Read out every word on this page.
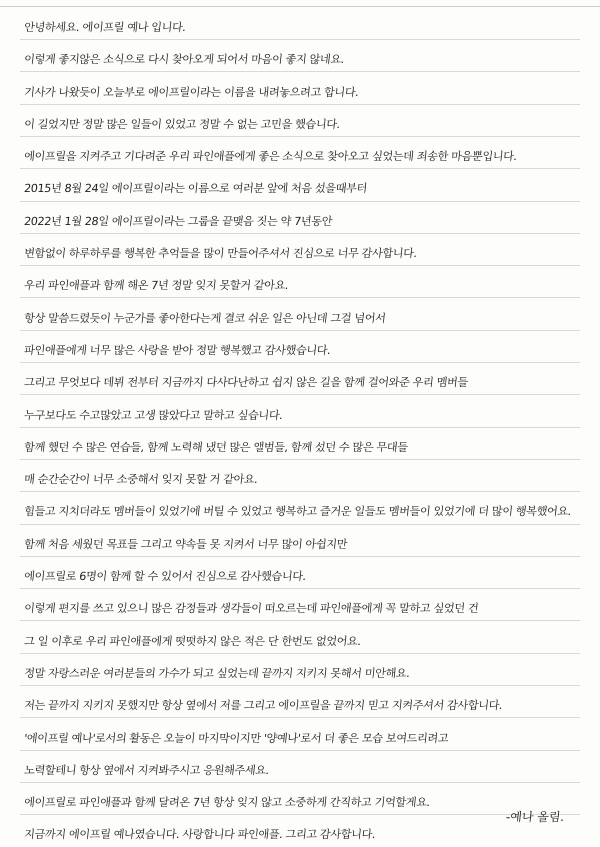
안녕하세요. 에이프릴 예나 입니다.
이렇게 좋지않은 소식으로 다시 찾아오게 되어서 마음이 좋지 않네요.
기사가 나왔듯이 오늘부로 에이프릴이라는 이름을 내려놓으려고 합니다.
이 길었지만 정말 많은 일들이 있었고 정말 수 없는 고민을 했습니다.
에이프릴을 지켜주고 기다려준 우리 파인애플에게 좋은 소식으로 찾아오고 싶었는데 죄송한 마음뿐입니다.
2015년 8월 24일 에이프릴이라는 이름으로 여러분 앞에 처음 섰을때부터
2022년 1월 28일 에이프릴이라는 그룹을 끝맺음 짓는 약 7년동안
변함없이 하루하루를 행복한 추억들을 많이 만들어주셔서 진심으로 너무 감사합니다.
우리 파인애플과 함께 해온 7년 정말 잊지 못할거 같아요.
항상 말씀드렸듯이 누군가를 좋아한다는게 결코 쉬운 일은 아닌데 그걸 넘어서
파인애플에게 너무 많은 사랑을 받아 정말 행복했고 감사했습니다.
그리고 무엇보다 데뷔 전부터 지금까지 다사다난하고 쉽지 않은 길을 함께 걸어와준 우리 멤버들
누구보다도 수고많았고 고생 많았다고 말하고 싶습니다.
함께 했던 수 많은 연습들, 함께 노력해 냈던 많은 앨범들, 함께 섰던 수 많은 무대들
매 순간순간이 너무 소중해서 잊지 못할 거 같아요.
힘들고 지치더라도 멤버들이 있었기에 버틸 수 있었고 행복하고 즐거운 일들도 멤버들이 있었기에 더 많이 행복했어요.
함께 처음 세웠던 목표들 그리고 약속들 못 지켜서 너무 많이 아쉽지만
에이프릴로 6명이 함께 할 수 있어서 진심으로 감사했습니다.
이렇게 편지를 쓰고 있으니 많은 감정들과 생각들이 떠오르는데 파인애플에게 꼭 말하고 싶었던 건
그 일 이후로 우리 파인애플에게 떳떳하지 않은 적은 단 한번도 없었어요.
정말 자랑스러운 여러분들의 가수가 되고 싶었는데 끝까지 지키지 못해서 미안해요.
저는 끝까지 지키지 못했지만 항상 옆에서 저를 그리고 에이프릴을 끝까지 믿고 지켜주셔서 감사합니다.
'에이프릴 예나'로서의 활동은 오늘이 마지막이지만 '양예나'로서 더 좋은 모습 보여드리려고
노력할테니 항상 옆에서 지켜봐주시고 응원해주세요.
에이프릴로 파인애플과 함께 달려온 7년 항상 잊지 않고 소중하게 간직하고 기억할게요.
지금까지 에이프릴 예나였습니다. 사랑합니다 파인애플. 그리고 감사합니다.
-예나 올림.
